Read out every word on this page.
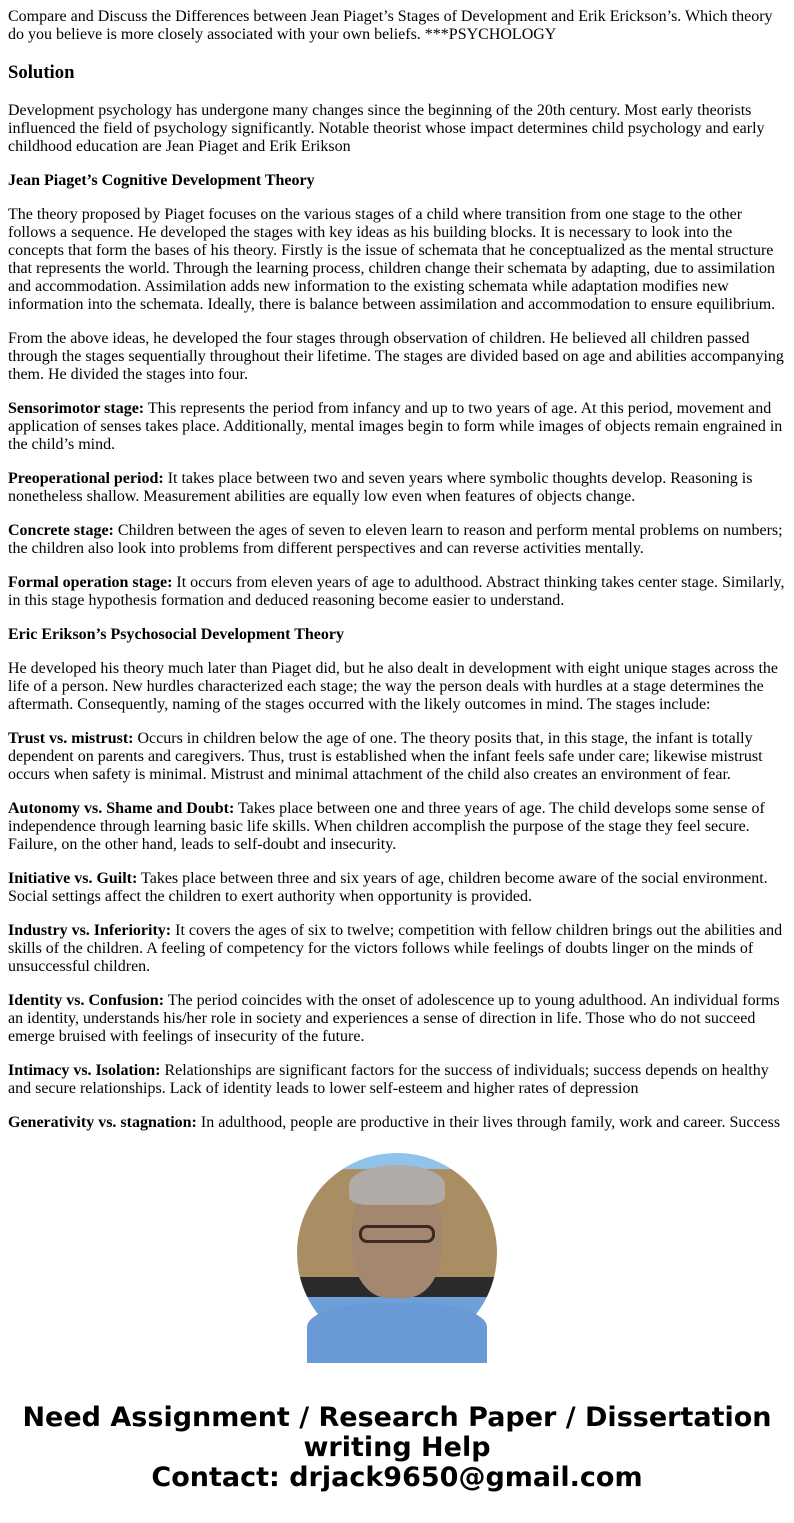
Compare and Discuss the Differences between Jean Piaget’s Stages of Development and Erik Erickson’s. Which theory do you believe is more closely associated with your own beliefs. ***PSYCHOLOGY

Solution

Development psychology has undergone many changes since the beginning of the 20th century. Most early theorists influenced the field of psychology significantly. Notable theorist whose impact determines child psychology and early childhood education are Jean Piaget and Erik Erikson

Jean Piaget’s Cognitive Development Theory

The theory proposed by Piaget focuses on the various stages of a child where transition from one stage to the other follows a sequence. He developed the stages with key ideas as his building blocks. It is necessary to look into the concepts that form the bases of his theory. Firstly is the issue of schemata that he conceptualized as the mental structure that represents the world. Through the learning process, children change their schemata by adapting, due to assimilation and accommodation. Assimilation adds new information to the existing schemata while adaptation modifies new information into the schemata. Ideally, there is balance between assimilation and accommodation to ensure equilibrium.

From the above ideas, he developed the four stages through observation of children. He believed all children passed through the stages sequentially throughout their lifetime. The stages are divided based on age and abilities accompanying them. He divided the stages into four.

Sensorimotor stage: This represents the period from infancy and up to two years of age. At this period, movement and application of senses takes place. Additionally, mental images begin to form while images of objects remain engrained in the child’s mind.

Preoperational period: It takes place between two and seven years where symbolic thoughts develop. Reasoning is nonetheless shallow. Measurement abilities are equally low even when features of objects change.

Concrete stage: Children between the ages of seven to eleven learn to reason and perform mental problems on numbers; the children also look into problems from different perspectives and can reverse activities mentally.

Formal operation stage: It occurs from eleven years of age to adulthood. Abstract thinking takes center stage. Similarly, in this stage hypothesis formation and deduced reasoning become easier to understand.

Eric Erikson’s Psychosocial Development Theory

He developed his theory much later than Piaget did, but he also dealt in development with eight unique stages across the life of a person. New hurdles characterized each stage; the way the person deals with hurdles at a stage determines the aftermath. Consequently, naming of the stages occurred with the likely outcomes in mind. The stages include:

Trust vs. mistrust: Occurs in children below the age of one. The theory posits that, in this stage, the infant is totally dependent on parents and caregivers. Thus, trust is established when the infant feels safe under care; likewise mistrust occurs when safety is minimal. Mistrust and minimal attachment of the child also creates an environment of fear.

Autonomy vs. Shame and Doubt: Takes place between one and three years of age. The child develops some sense of independence through learning basic life skills. When children accomplish the purpose of the stage they feel secure. Failure, on the other hand, leads to self-doubt and insecurity.

Initiative vs. Guilt: Takes place between three and six years of age, children become aware of the social environment. Social settings affect the children to exert authority when opportunity is provided.

Industry vs. Inferiority: It covers the ages of six to twelve; competition with fellow children brings out the abilities and skills of the children. A feeling of competency for the victors follows while feelings of doubts linger on the minds of unsuccessful children.

Identity vs. Confusion: The period coincides with the onset of adolescence up to young adulthood. An individual forms an identity, understands his/her role in society and experiences a sense of direction in life. Those who do not succeed emerge bruised with feelings of insecurity of the future.

Intimacy vs. Isolation: Relationships are significant factors for the success of individuals; success depends on healthy and secure relationships. Lack of identity leads to lower self-esteem and higher rates of depression

Generativity vs. stagnation: In adulthood, people are productive in their lives through family, work and career. Success

Need Assignment / Research Paper / Dissertation writing Help
Contact: drjack9650@gmail.com
